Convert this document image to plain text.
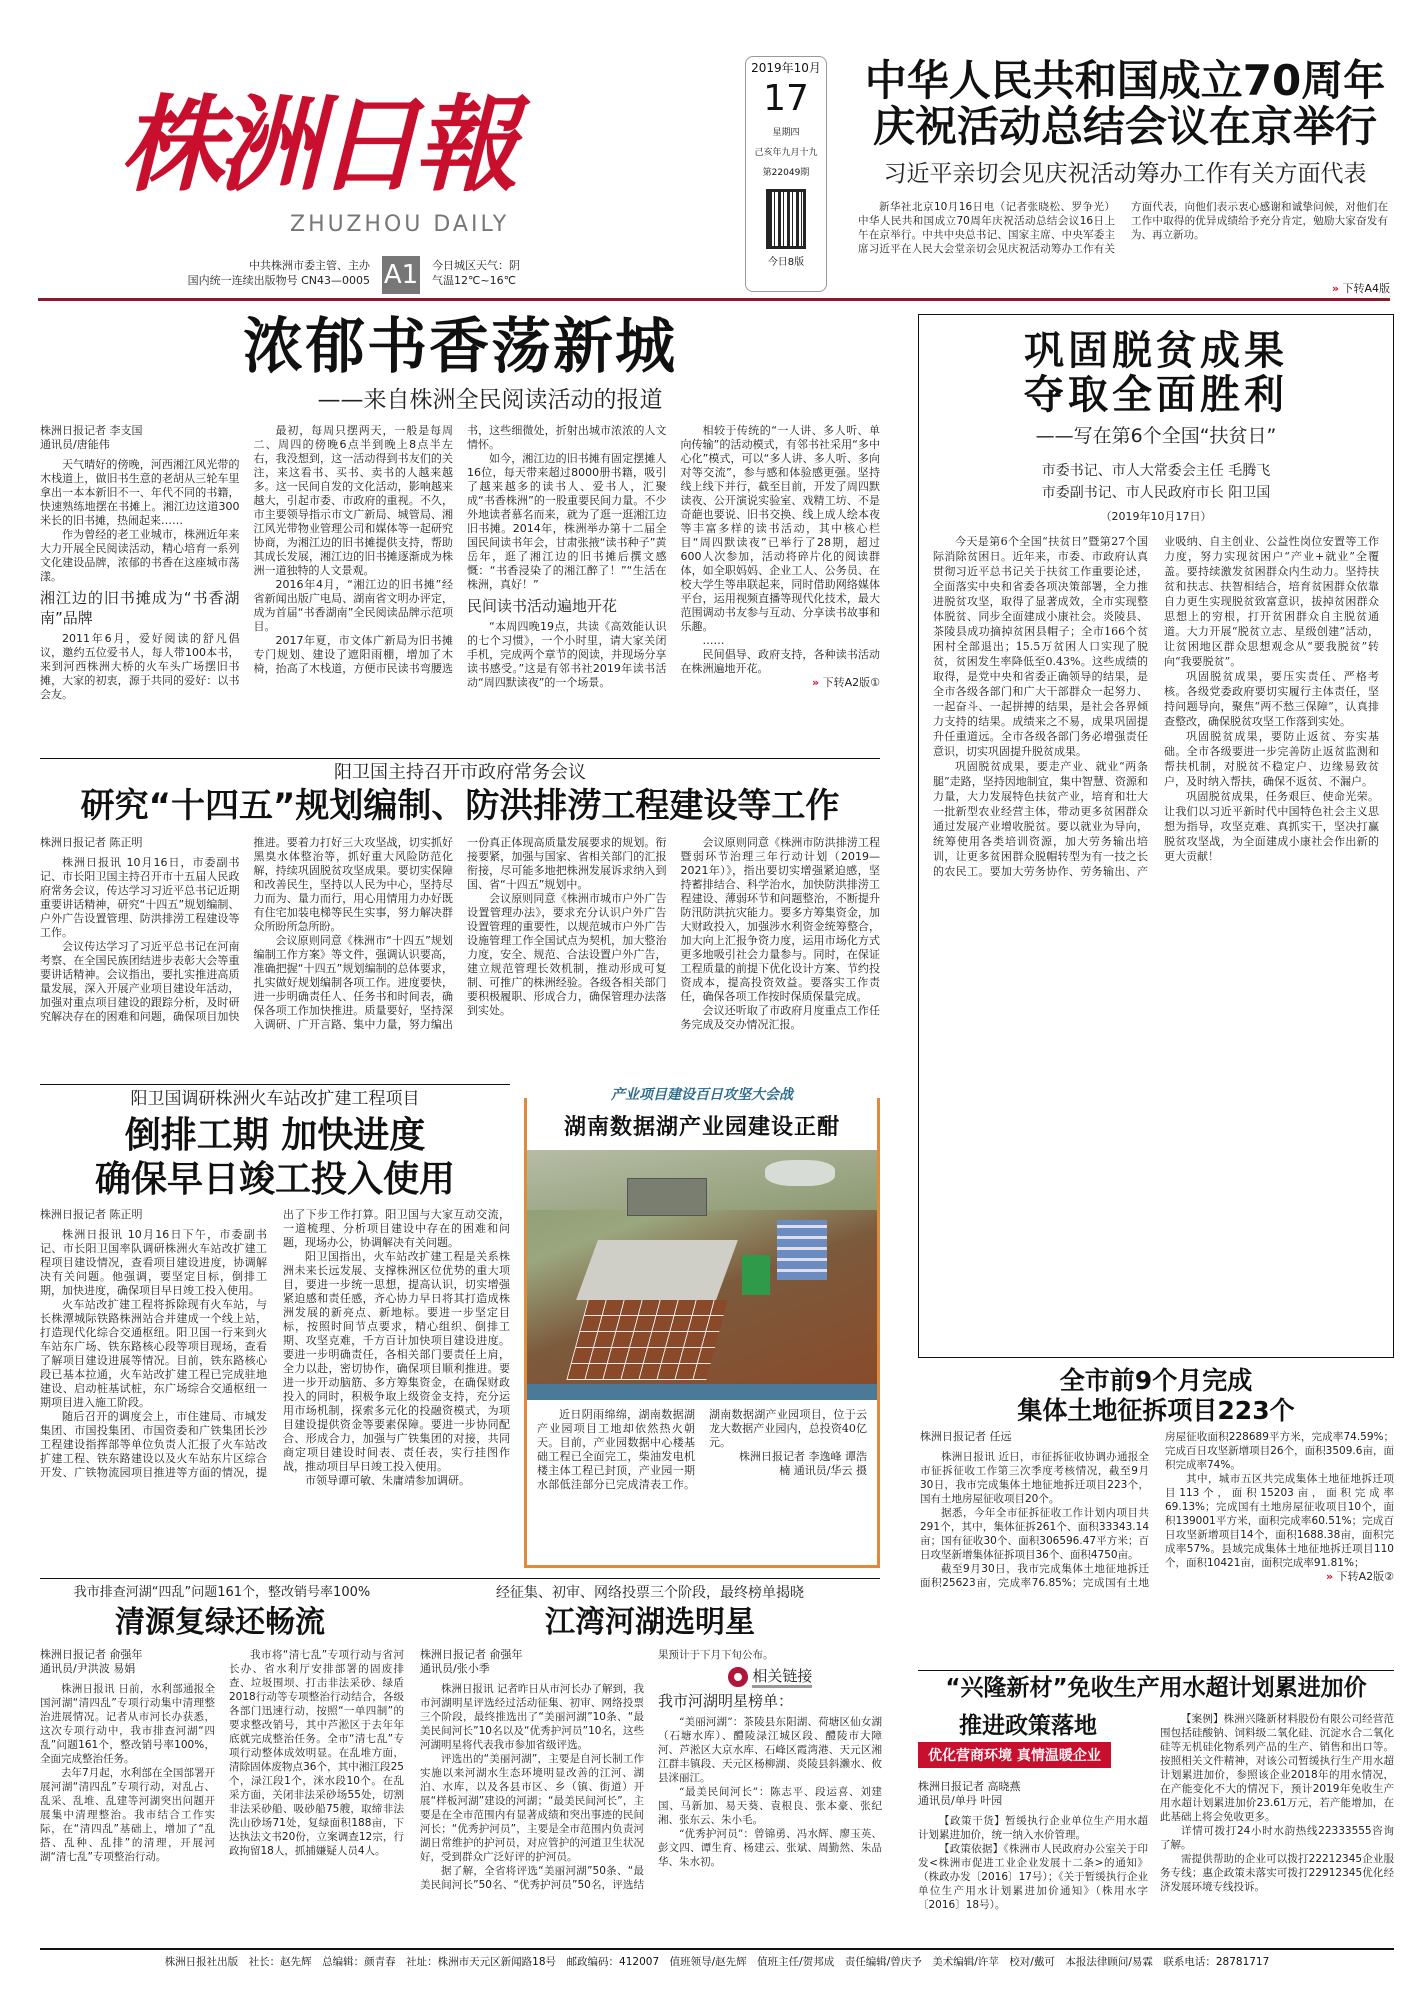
株洲日報
ZHUZHOU DAILY
中共株洲市委主管、主办
国内统一连续出版物号 CN43—0005 A1 今日城区天气：阴
气温12℃~16℃
2019年10月
17
星期四
己亥年九月十九
第22049期
今日8版
中华人民共和国成立70周年
庆祝活动总结会议在京举行
习近平亲切会见庆祝活动筹办工作有关方面代表

新华社北京10月16日电（记者张晓松、罗争光）中华人民共和国成立70周年庆祝活动总结会议16日上午在京举行。中共中央总书记、国家主席、中央军委主席习近平在人民大会堂亲切会见庆祝活动筹办工作有关方面代表，向他们表示衷心感谢和诚挚问候，对他们在工作中取得的优异成绩给予充分肯定，勉励大家奋发有为、再立新功。

» 下转A4版
浓郁书香荡新城
——来自株洲全民阅读活动的报道
株洲日报记者 李支国
通讯员/唐能伟

天气晴好的傍晚，河西湘江风光带的木栈道上，做旧书生意的老胡从三轮车里拿出一本本新旧不一、年代不同的书籍，快速熟练地摆在书摊上。湘江边这道300米长的旧书摊，热闹起来……

作为曾经的老工业城市，株洲近年来大力开展全民阅读活动，精心培育一系列文化建设品牌，浓郁的书香在这座城市荡漾。

湘江边的旧书摊成为“书香湖南”品牌

2011年6月，爱好阅读的舒凡倡议，邀约五位爱书人，每人带100本书，来到河西株洲大桥的火车头广场摆旧书摊，大家的初衷，源于共同的爱好：以书会友。

最初，每周只摆两天，一般是每周二、周四的傍晚6点半到晚上8点半左右，我没想到，这一活动得到书友们的关注，来这看书、买书、卖书的人越来越多。这一民间自发的文化活动，影响越来越大，引起市委、市政府的重视。不久，市主要领导指示市文广新局、城管局、湘江风光带物业管理公司和媒体等一起研究协商，为湘江边的旧书摊提供支持，帮助其成长发展，湘江边的旧书摊逐渐成为株洲一道独特的人文景观。

2016年4月，“湘江边的旧书摊”经省新闻出版广电局、湖南省文明办评定，成为首届“书香湖南”全民阅读品牌示范项目。

2017年夏，市文体广新局为旧书摊专门规划、建设了遮阳雨棚，增加了木椅，抬高了木栈道，方便市民读书弯腰选书，这些细微处，折射出城市浓浓的人文情怀。

如今，湘江边的旧书摊有固定摆摊人16位，每天带来超过8000册书籍，吸引了越来越多的读书人、爱书人，汇聚成“书香株洲”的一股重要民间力量。不少外地读者慕名而来，就为了逛一逛湘江边旧书摊。2014年，株洲举办第十二届全国民间读书年会，甘肃张掖“读书种子”黄岳年，逛了湘江边的旧书摊后撰文感慨：“书香浸染了的湘江醉了！”“生活在株洲，真好！”

民间读书活动遍地开花

“本周四晚19点，共读《高效能认识的七个习惯》，一个小时里，请大家关闭手机，完成两个章节的阅读，并现场分享读书感受。”这是有邻书社2019年读书活动“周四默读夜”的一个场景。

相较于传统的“一人讲、多人听、单向传输”的活动模式，有邻书社采用“多中心化”模式，可以“多人讲、多人听、多向对等交流”，参与感和体验感更强。坚持线上线下并行，截至目前，开发了周四默读夜、公开演说实验室、戏精工坊、不是奇葩也要说、旧书交换、线上成人绘本夜等丰富多样的读书活动，其中核心栏目“周四默读夜”已举行了28期，超过600人次参加，活动将碎片化的阅读群体，如全职妈妈、企业工人、公务员、在校大学生等串联起来，同时借助网络媒体平台，运用视频直播等现代化技术，最大范围调动书友参与互动、分享读书故事和乐趣。

……

民间倡导、政府支持，各种读书活动在株洲遍地开花。

» 下转A2版①
巩固脱贫成果
夺取全面胜利
——写在第6个全国“扶贫日”
市委书记、市人大常委会主任 毛腾飞
市委副书记、市人民政府市长 阳卫国
（2019年10月17日）

今天是第6个全国“扶贫日”暨第27个国际消除贫困日。近年来，市委、市政府认真贯彻习近平总书记关于扶贫工作重要论述，全面落实中央和省委各项决策部署，全力推进脱贫攻坚，取得了显著成效，全市实现整体脱贫、同步全面建成小康社会。炎陵县、茶陵县成功摘掉贫困县帽子；全市166个贫困村全部退出；15.5万贫困人口实现了脱贫，贫困发生率降低至0.43%。这些成绩的取得，是党中央和省委正确领导的结果，是全市各级各部门和广大干部群众一起努力、一起奋斗、一起拼搏的结果，是社会各界倾力支持的结果。成绩来之不易，成果巩固提升任重道远。全市各级各部门务必增强责任意识，切实巩固提升脱贫成果。

巩固脱贫成果，要走产业、就业“两条腿”走路，坚持因地制宜，集中智慧、资源和力量，大力发展特色扶贫产业，培育和壮大一批新型农业经营主体，带动更多贫困群众通过发展产业增收脱贫。要以就业为导向，统筹使用各类培训资源，加大劳务输出培训，让更多贫困群众脱帽转型为有一技之长的农民工。要加大劳务协作、劳务输出、产业吸纳、自主创业、公益性岗位安置等工作力度，努力实现贫困户“产业+就业”全覆盖。要持续激发贫困群众内生动力。坚持扶贫和扶志、扶智相结合，培育贫困群众依靠自力更生实现脱贫致富意识，拔掉贫困群众思想上的穷根，打开贫困群众自主脱贫通道。大力开展“脱贫立志、星级创建”活动，让贫困地区群众思想观念从“要我脱贫”转向“我要脱贫”。

巩固脱贫成果，要压实责任、严格考核。各级党委政府要切实履行主体责任，坚持问题导向，聚焦“两不愁三保障”，认真排查整改，确保脱贫攻坚工作落到实处。

巩固脱贫成果，要防止返贫、夯实基础。全市各级要进一步完善防止返贫监测和帮扶机制，对脱贫不稳定户、边缘易致贫户，及时纳入帮扶，确保不返贫、不漏户。

巩固脱贫成果，任务艰巨、使命光荣。让我们以习近平新时代中国特色社会主义思想为指导，攻坚克难、真抓实干，坚决打赢脱贫攻坚战，为全面建成小康社会作出新的更大贡献！

阳卫国主持召开市政府常务会议
研究“十四五”规划编制、防洪排涝工程建设等工作
株洲日报记者 陈正明

株洲日报讯 10月16日，市委副书记、市长阳卫国主持召开市十五届人民政府常务会议，传达学习习近平总书记近期重要讲话精神，研究“十四五”规划编制、户外广告设置管理、防洪排涝工程建设等工作。

会议传达学习了习近平总书记在河南考察、在全国民族团结进步表彰大会等重要讲话精神。会议指出，要扎实推进高质量发展，深入开展产业项目建设年活动，加强对重点项目建设的跟踪分析，及时研究解决存在的困难和问题，确保项目加快推进。要着力打好三大攻坚战，切实抓好黑臭水体整治等，抓好重大风险防范化解，持续巩固脱贫攻坚成果。要切实保障和改善民生，坚持以人民为中心，坚持尽力而为、量力而行，用心用情用力办好既有住宅加装电梯等民生实事，努力解决群众所盼所急所盼。

会议原则同意《株洲市“十四五”规划编制工作方案》等文件，强调认识要高，准确把握“十四五”规划编制的总体要求，扎实做好规划编制各项工作。进度要快，进一步明确责任人、任务书和时间表，确保各项工作加快推进。质量要好，坚持深入调研、广开言路、集中力量，努力编出一份真正体现高质量发展要求的规划。衔接要紧，加强与国家、省相关部门的汇报衔接，尽可能多地把株洲发展诉求纳入到国、省“十四五”规划中。

会议原则同意《株洲市城市户外广告设置管理办法》，要求充分认识户外广告设置管理的重要性，以规范城市户外广告设施管理工作全国试点为契机，加大整治力度，安全、规范、合法设置户外广告，建立规范管理长效机制，推动形成可复制、可推广的株洲经验。各级各相关部门要积极履职、形成合力，确保管理办法落到实处。

会议原则同意《株洲市防洪排涝工程暨弱环节治理三年行动计划（2019—2021年）》，指出要切实增强紧迫感，坚持蓄排结合、科学治水，加快防洪排涝工程建设、薄弱环节和问题整治，不断提升防汛防洪抗灾能力。要多方筹集资金，加大财政投入，加强涉水利资金统筹整合，加大向上汇报争资力度，运用市场化方式更多地吸引社会力量参与。同时，在保证工程质量的前提下优化设计方案、节约投资成本，提高投资效益。要落实工作责任，确保各项工作按时保质保量完成。

会议还听取了市政府月度重点工作任务完成及交办情况汇报。

阳卫国调研株洲火车站改扩建工程项目
倒排工期 加快进度
确保早日竣工投入使用
株洲日报记者 陈正明

株洲日报讯 10月16日下午，市委副书记、市长阳卫国率队调研株洲火车站改扩建工程项目建设情况，查看项目建设进度，协调解决有关问题。他强调，要坚定目标，倒排工期，加快进度，确保项目早日竣工投入使用。

火车站改扩建工程将拆除现有火车站，与长株潭城际铁路株洲站合并建成一个线上站，打造现代化综合交通枢纽。阳卫国一行来到火车站东广场、铁东路核心段等项目现场，查看了解项目建设进展等情况。目前，铁东路核心段已基本拉通，火车站改扩建工程已完成驻地建设、启动桩基试桩，东广场综合交通枢纽一期项目进入施工阶段。

随后召开的调度会上，市住建局、市城发集团、市国投集团、市国资委和广铁集团长沙工程建设指挥部等单位负责人汇报了火车站改扩建工程、铁东路建设以及火车站东片区综合开发、广铁物流园项目推进等方面的情况，提出了下步工作打算。阳卫国与大家互动交流，一道梳理、分析项目建设中存在的困难和问题，现场办公，协调解决有关问题。

阳卫国指出，火车站改扩建工程是关系株洲未来长远发展、支撑株洲区位优势的重大项目，要进一步统一思想，提高认识，切实增强紧迫感和责任感，齐心协力早日将其打造成株洲发展的新亮点、新地标。要进一步坚定目标，按照时间节点要求，精心组织、倒排工期、攻坚克难，千方百计加快项目建设进度。要进一步明确责任，各相关部门要责任上肩，全力以赴，密切协作，确保项目顺利推进。要进一步开动脑筋、多方筹集资金，在确保财政投入的同时，积极争取上级资金支持，充分运用市场机制，探索多元化的投融资模式，为项目建设提供资金等要素保障。要进一步协同配合、形成合力，加强与广铁集团的对接，共同商定项目建设时间表、责任表，实行挂图作战，推动项目早日竣工投入使用。

市领导谭可敏、朱庸靖参加调研。

产业项目建设百日攻坚大会战
湖南数据湖产业园建设正酣

近日阴雨绵绵，湖南数据湖产业园项目工地却依然热火朝天。目前，产业园数据中心楼基础工程已全面完工，柴油发电机楼主体工程已封顶，产业园一期水部低洼部分已完成清表工作。湖南数据湖产业园项目，位于云龙大数据产业园内，总投资40亿元。

株洲日报记者 李逸峰 谭浩楠 通讯员/华云 摄

全市前9个月完成
集体土地征拆项目223个
株洲日报记者 任远

株洲日报讯 近日，市征拆征收协调办通报全市征拆征收工作第三次季度考核情况，截至9月30日，我市完成集体土地征地拆迁项目223个，国有土地房屋征收项目20个。

据悉，今年全市征拆征收工作计划内项目共291个，其中，集体征拆261个、面积33343.14亩；国有征收30个、面积306596.47平方米；百日攻坚新增集体征拆项目36个、面积4750亩。

截至9月30日，我市完成集体土地征地拆迁面积25623亩，完成率76.85%；完成国有土地房屋征收面积228689平方米，完成率74.59%；完成百日攻坚新增项目26个，面积3509.6亩，面积完成率74%。

其中，城市五区共完成集体土地征地拆迁项目113个，面积15203亩，面积完成率69.13%；完成国有土地房屋征收项目10个，面积139001平方米，面积完成率60.51%；完成百日攻坚新增项目14个，面积1688.38亩，面积完成率57%。县域完成集体土地征地拆迁项目110个，面积10421亩，面积完成率91.81%；

» 下转A2版②
我市排查河湖“四乱”问题161个，整改销号率100%
清源复绿还畅流
株洲日报记者 俞强年
通讯员/尹洪波 易娟

株洲日报讯 日前，水利部通报全国河湖“清四乱”专项行动集中清理整治进展情况。记者从市河长办获悉，这次专项行动中，我市排查河湖“四乱”问题161个，整改销号率100%，全面完成整治任务。

去年7月起，水利部在全国部署开展河湖“清四乱”专项行动，对乱占、乱采、乱堆、乱建等河湖突出问题开展集中清理整治。我市结合工作实际，在“清四乱”基础上，增加了“乱搭、乱种、乱排”的清理，开展河湖“清七乱”专项整治行动。

我市将“清七乱”专项行动与省河长办、省水利厅安排部署的固废排查、垃圾围坝、打击非法采砂、绿盾2018行动等专项整治行动结合，各级各部门迅速行动，按照“一单四制”的要求整改销号，其中芦淞区于去年年底就完成整治任务。全市“清七乱”专项行动整体成效明显。在乱堆方面，清除固体废物点36个，其中湘江段25个，渌江段1个，洣水段10个。在乱采方面，关闭非法采砂场55处，切割非法采砂船、吸砂船75艘，取缔非法洗山砂场71处，复绿面积188亩，下达执法文书20份，立案调查12宗，行政拘留18人，抓捕嫌疑人员4人。

经征集、初审、网络投票三个阶段，最终榜单揭晓
江湾河湖选明星
株洲日报记者 俞强年
通讯员/张小季

株洲日报讯 记者昨日从市河长办了解到，我市河湖明星评选经过活动征集、初审、网络投票三个阶段，最终推选出了“美丽河湖”10条、“最美民间河长”10名以及“优秀护河员”10名，这些河湖明星将代表我市参加省级评选。

评选出的“美丽河湖”，主要是自河长制工作实施以来河湖水生态环境明显改善的江河、湖泊、水库，以及各县市区、乡（镇、街道）开展“样板河湖”建设的河湖；“最美民间河长”，主要是在全市范围内有显著成绩和突出事迹的民间河长；“优秀护河员”，主要是全市范围内负责河湖日常维护的护河员，对应管护的河道卫生状况好，受到群众广泛好评的护河员。

据了解，全省将评选“美丽河湖”50条、“最美民间河长”50名、“优秀护河员”50名，评选结果预计于下月下旬公布。

相关链接
我市河湖明星榜单：

“美丽河湖”：茶陵县东阳湖、荷塘区仙女湖（石塘水库）、醴陵渌江城区段、醴陵市大障河、芦淞区大京水库、石峰区霞湾港、天元区湘江群丰镇段、天元区杨柳湖、炎陵县斜濑水、攸县洣丽江。

“最美民间河长”：陈志平、段运喜、刘建国、马新加、易天葵、袁根良、张本豪、张纪湘、张东云、朱小毛。

“优秀护河员”：曾锦勇、冯水辉、廖玉英、彭文四、谭生育、杨建云、张斌、周勤然、朱品华、朱水初。

“兴隆新材”免收生产用水超计划累进加价
推进政策落地
优化营商环境 真情温暖企业
株洲日报记者 高晓燕
通讯员/单丹 叶园

【政策干货】暂缓执行企业单位生产用水超计划累进加价，统一纳入水价管理。

【政策依据】《株洲市人民政府办公室关于印发<株洲市促进工业企业发展十二条>的通知》（株政办发〔2016〕17号）；《关于暂缓执行企业单位生产用水计划累进加价通知》（株用水字〔2016〕18号）。

【案例】株洲兴隆新材料股份有限公司经营范围包括硅酸钠、饲料级二氧化硅、沉淀水合二氧化硅等无机硅化物系列产品的生产、销售和出口等。按照相关文件精神，对该公司暂缓执行生产用水超计划累进加价，参照该企业2018年的用水情况，在产能变化不大的情况下，预计2019年免收生产用水超计划累进加价23.61万元，若产能增加，在此基础上将会免收更多。

详情可拨打24小时水韵热线22333555咨询了解。

需提供帮助的企业可以拨打22212345企业服务专线；惠企政策未落实可拨打22912345优化经济发展环境专线投诉。

株洲日报社出版　社长：赵先辉　总编辑：颜青春　社址：株洲市天元区新闻路18号　邮政编码：412007　值班领导/赵先辉　值班主任/贺邦成　责任编辑/曾庆予　美术编辑/许苹　校对/戴可　本报法律顾问/易霖　联系电话：28781717
